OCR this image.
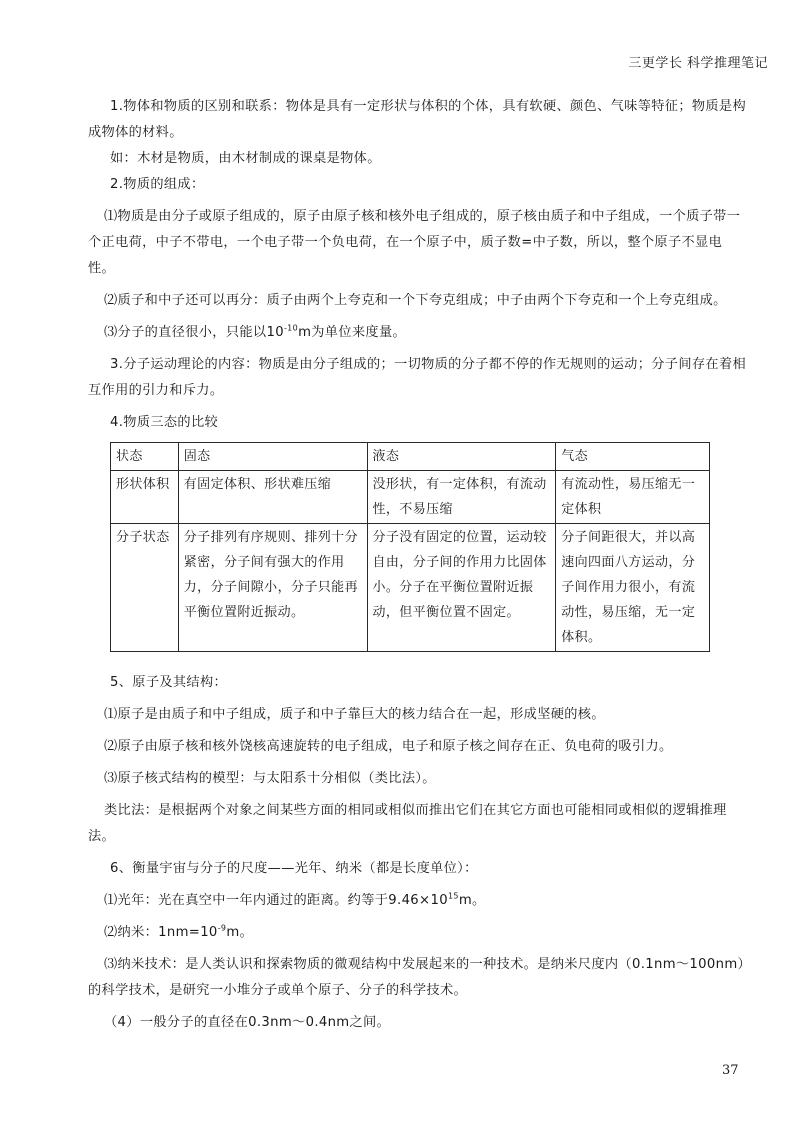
三更学长 科学推理笔记

1.物体和物质的区别和联系：物体是具有一定形状与体积的个体，具有软硬、颜色、气味等特征；物质是构成物体的材料。

如：木材是物质，由木材制成的课桌是物体。

2.物质的组成：

⑴物质是由分子或原子组成的，原子由原子核和核外电子组成的，原子核由质子和中子组成，一个质子带一个正电荷，中子不带电，一个电子带一个负电荷，在一个原子中，质子数=中子数，所以，整个原子不显电性。

⑵质子和中子还可以再分：质子由两个上夸克和一个下夸克组成；中子由两个下夸克和一个上夸克组成。

⑶分子的直径很小，只能以$10^{-10}m$为单位来度量。

3.分子运动理论的内容：物质是由分子组成的；一切物质的分子都不停的作无规则的运动；分子间存在着相互作用的引力和斥力。

4.物质三态的比较

状态	固态	液态	气态
形状体积	有固定体积、形状难压缩	没形状，有一定体积，有流动性，不易压缩	有流动性，易压缩无一定体积
分子状态	分子排列有序规则、排列十分紧密，分子间有强大的作用力，分子间隙小，分子只能再平衡位置附近振动。	分子没有固定的位置，运动较自由，分子间的作用力比固体小。分子在平衡位置附近振动，但平衡位置不固定。	分子间距很大，并以高速向四面八方运动，分子间作用力很小，有流动性，易压缩，无一定体积。

5、原子及其结构：

⑴原子是由质子和中子组成，质子和中子靠巨大的核力结合在一起，形成坚硬的核。

⑵原子由原子核和核外饶核高速旋转的电子组成，电子和原子核之间存在正、负电荷的吸引力。

⑶原子核式结构的模型：与太阳系十分相似（类比法）。

类比法：是根据两个对象之间某些方面的相同或相似而推出它们在其它方面也可能相同或相似的逻辑推理法。

6、衡量宇宙与分子的尺度——光年、纳米（都是长度单位）：

⑴光年：光在真空中一年内通过的距离。约等于$9.46\times 10^{15}m$。

⑵纳米：$1nm=10^{-9}m$。

⑶纳米技术：是人类认识和探索物质的微观结构中发展起来的一种技术。是纳米尺度内（0.1nm～100nm）的科学技术，是研究一小堆分子或单个原子、分子的科学技术。

（4）一般分子的直径在0.3nm～0.4nm之间。

37
